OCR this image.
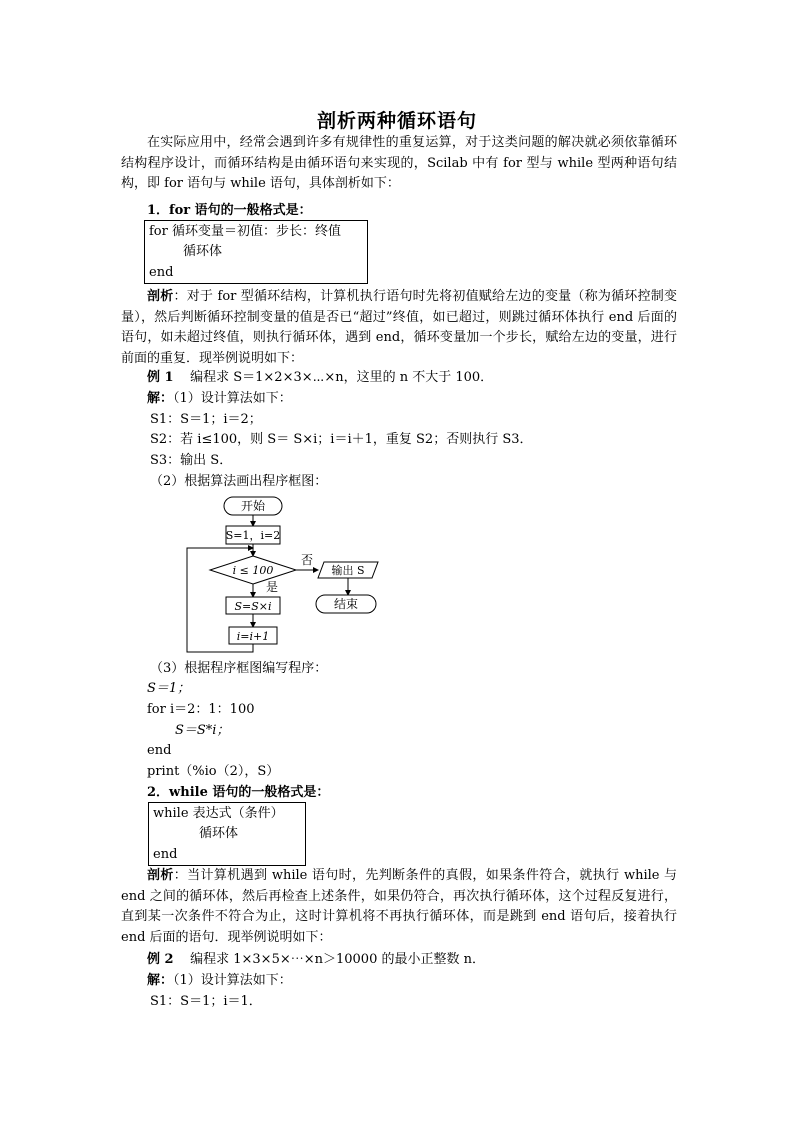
剖析两种循环语句
在实际应用中，经常会遇到许多有规律性的重复运算，对于这类问题的解决就必须依靠循环结构程序设计，而循环结构是由循环语句来实现的，Scilab 中有 for 型与 while 型两种语句结构，即 for 语句与 while 语句，具体剖析如下：
1．for 语句的一般格式是：
for 循环变量＝初值：步长：终值
循环体
end
剖析：对于 for 型循环结构，计算机执行语句时先将初值赋给左边的变量（称为循环控制变量），然后判断循环控制变量的值是否已“超过”终值，如已超过，则跳过循环体执行 end 后面的语句，如未超过终值，则执行循环体，遇到 end，循环变量加一个步长，赋给左边的变量，进行前面的重复．现举例说明如下：
例 1 编程求 S＝1×2×3×⋯×n，这里的 n 不大于 100．
解：（1）设计算法如下：
S1：S＝1；i＝2；
S2：若 i≤100，则 S＝ S×i；i＝i＋1，重复 S2；否则执行 S3．
S3：输出 S．
（2）根据算法画出程序框图：
开始
S=1，i=2
i ≤ 100
否
输出 S
结束
是
S=S×i
i=i+1
（3）根据程序框图编写程序：
S＝1；
for i＝2：1：100
S＝S*i；
end
print（%io（2），S）
2．while 语句的一般格式是：
while 表达式（条件）
循环体
end
剖析：当计算机遇到 while 语句时，先判断条件的真假，如果条件符合，就执行 while 与 end 之间的循环体，然后再检查上述条件，如果仍符合，再次执行循环体，这个过程反复进行，直到某一次条件不符合为止，这时计算机将不再执行循环体，而是跳到 end 语句后，接着执行 end 后面的语句．现举例说明如下：
例 2 编程求 1×3×5×⋯×n＞10000 的最小正整数 n．
解：（1）设计算法如下：
S1：S＝1；i＝1．
